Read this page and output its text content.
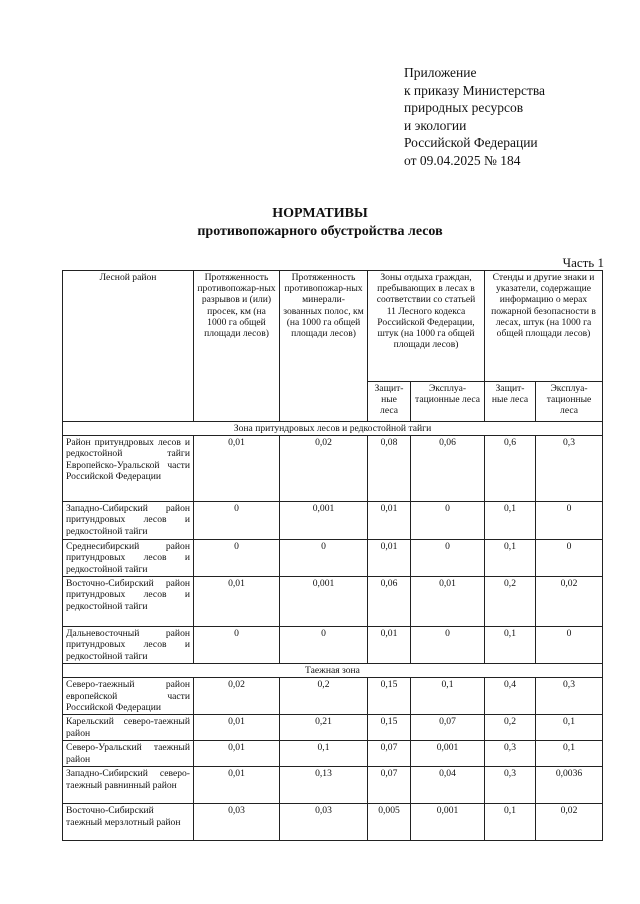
Приложение
к приказу Министерства
природных ресурсов
и экологии
Российской Федерации
от 09.04.2025 № 184
НОРМАТИВЫ
противопожарного обустройства лесов
Часть 1
Лесной район	Протяженность противопожар-ных разрывов и (или) просек, км (на 1000 га общей площади лесов)	Протяженность противопожар-ных минерали-зованных полос, км (на 1000 га общей площади лесов)	Зоны отдыха граждан, пребывающих в лесах в соответствии со статьей 11 Лесного кодекса Российской Федерации, штук (на 1000 га общей площади лесов)		Стенды и другие знаки и указатели, содержащие информацию о мерах пожарной безопасности в лесах, штук (на 1000 га общей площади лесов)	
			Защит-ные леса	Эксплуа-тационные леса	Защит-ные леса	Эксплуа-тационные леса
Зона притундровых лесов и редкостойной тайги						
Район притундровых лесов и редкостойной тайги Европейско-Уральской части Российской Федерации	0,01	0,02	0,08	0,06	0,6	0,3
Западно-Сибирский район притундровых лесов и редкостойной тайги	0	0,001	0,01	0	0,1	0
Среднесибирский район притундровых лесов и редкостойной тайги	0	0	0,01	0	0,1	0
Восточно-Сибирский район притундровых лесов и редкостойной тайги	0,01	0,001	0,06	0,01	0,2	0,02
Дальневосточный район притундровых лесов и редкостойной тайги	0	0	0,01	0	0,1	0
Таежная зона						
Северо-таежный район европейской части Российской Федерации	0,02	0,2	0,15	0,1	0,4	0,3
Карельский северо-таежный район	0,01	0,21	0,15	0,07	0,2	0,1
Северо-Уральский таежный район	0,01	0,1	0,07	0,001	0,3	0,1
Западно-Сибирский северо-таежный равнинный район	0,01	0,13	0,07	0,04	0,3	0,0036
Восточно-Сибирский таежный мерзлотный район	0,03	0,03	0,005	0,001	0,1	0,02
